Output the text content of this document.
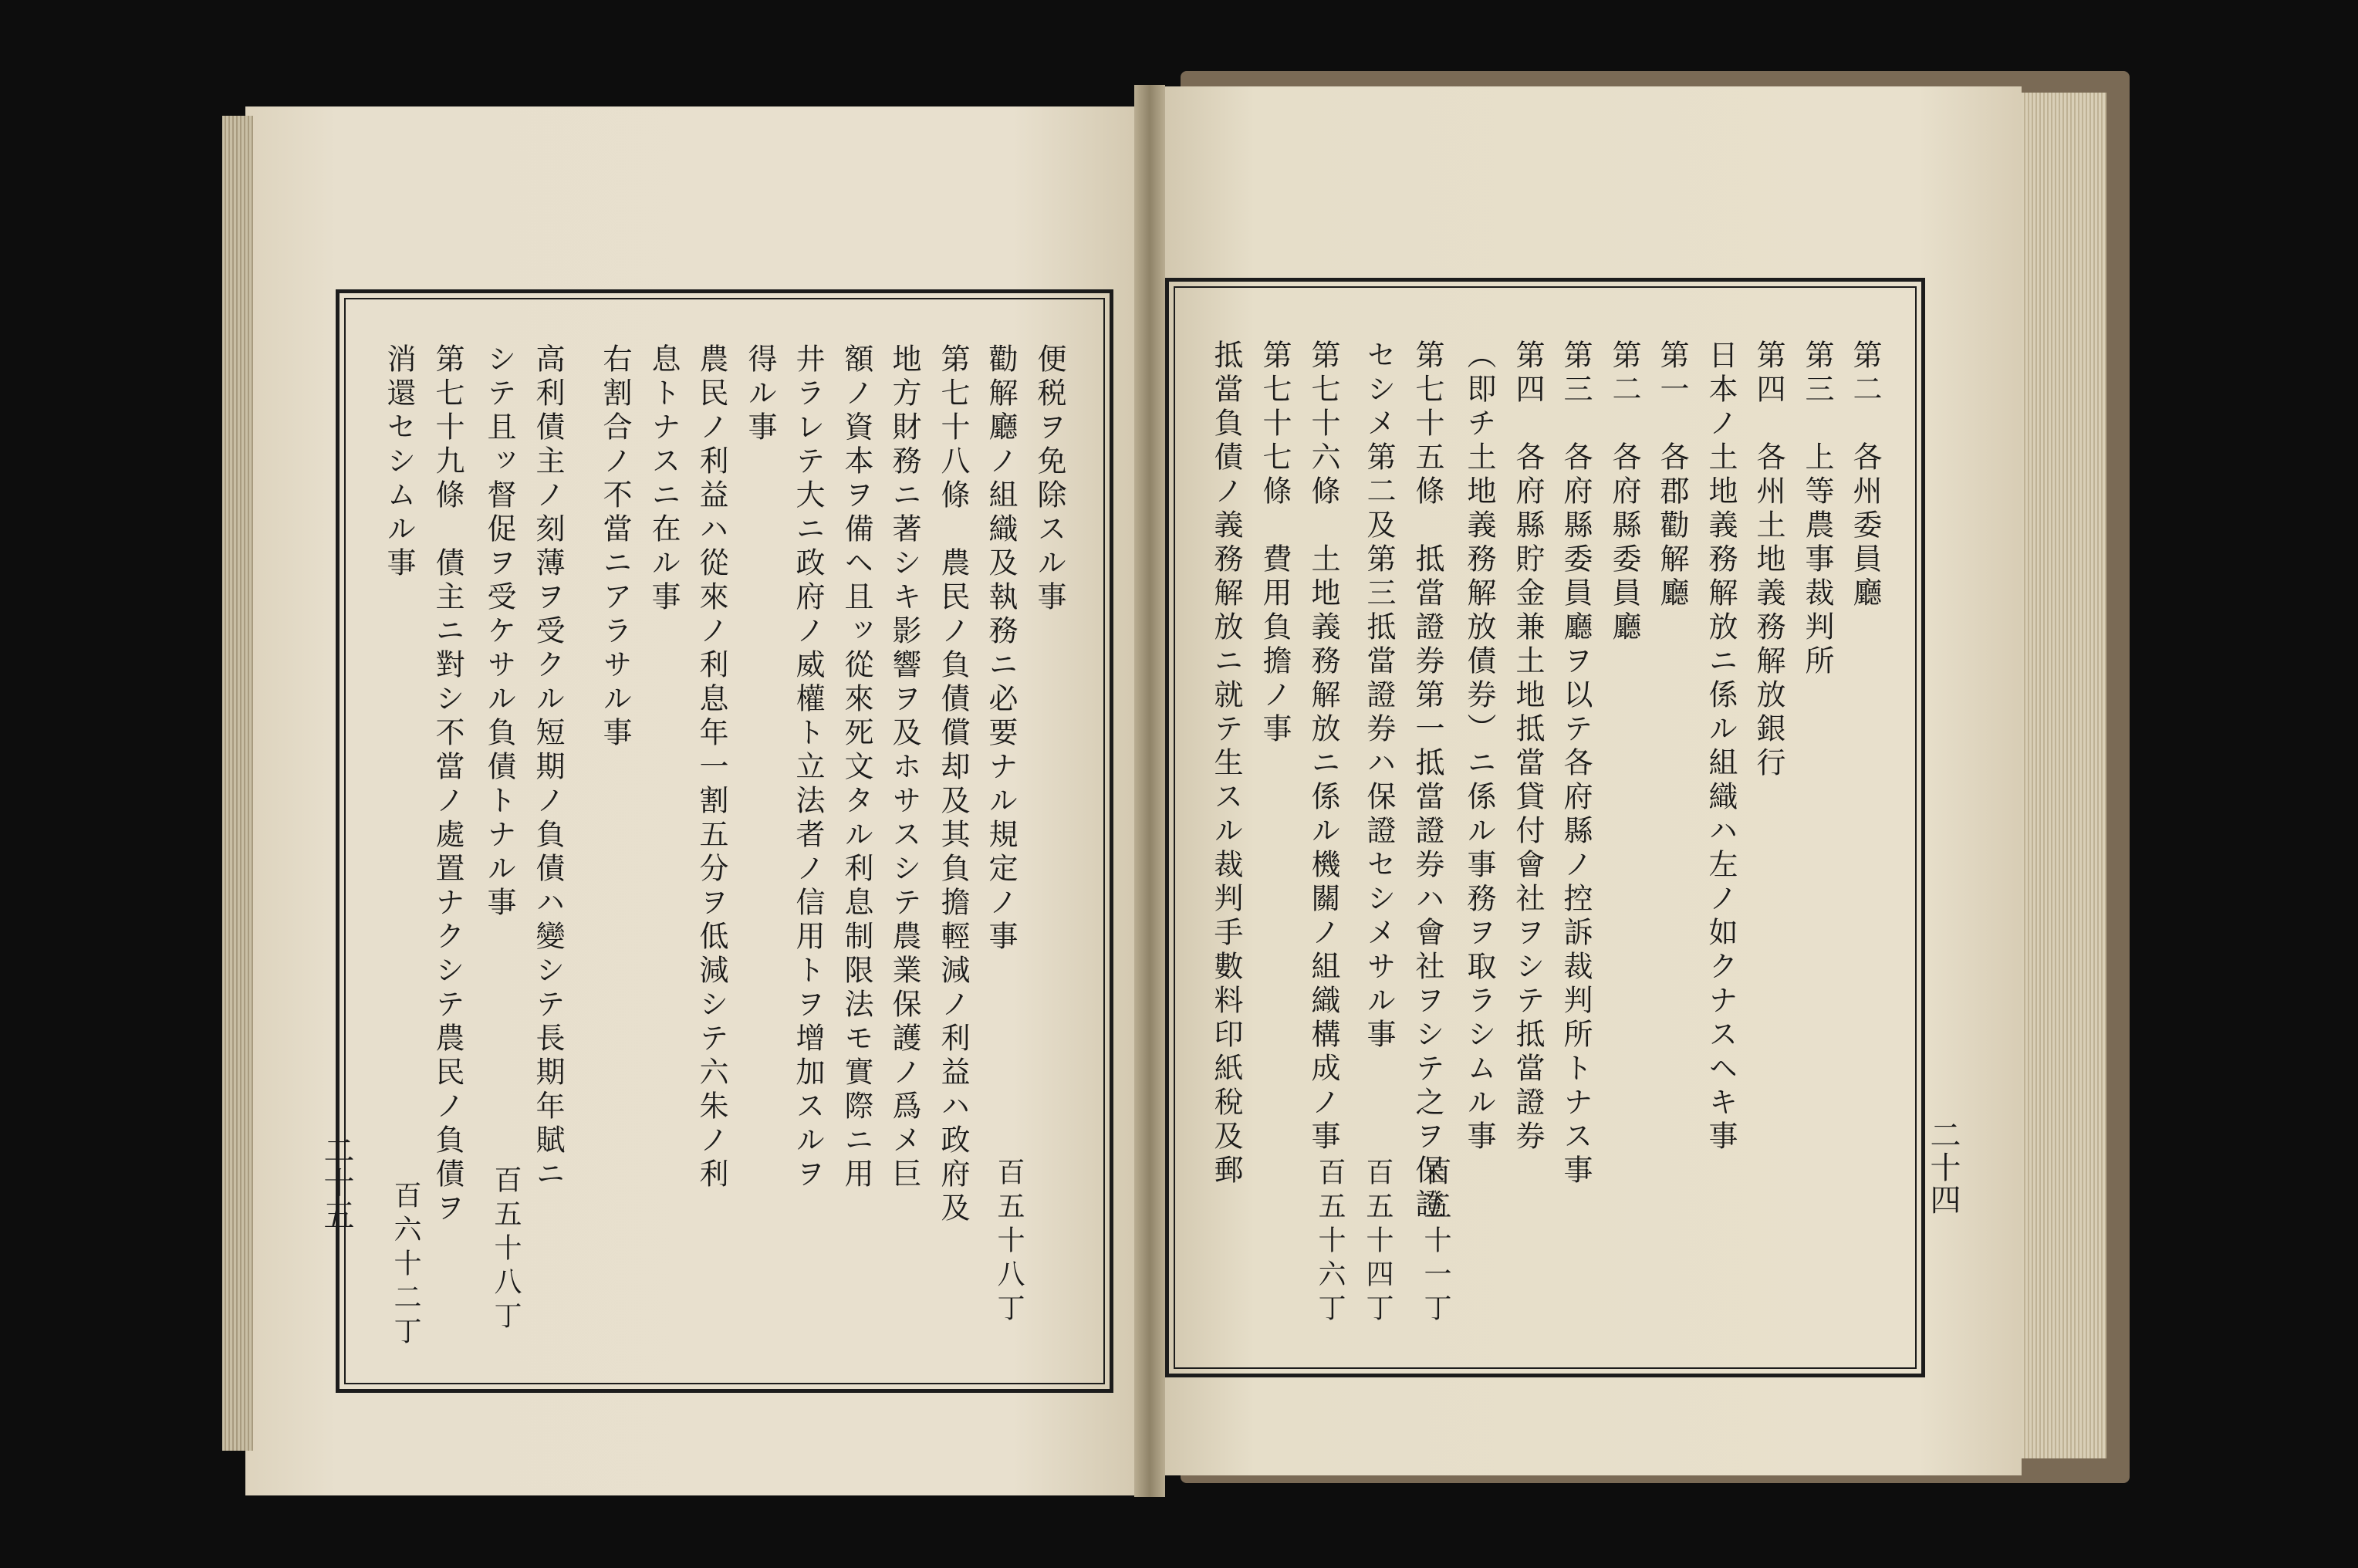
便税ヲ免除スル事
勸解廳ノ組織及執務ニ必要ナル規定ノ事
第七十八條　農民ノ負債償却及其負擔輕減ノ利益ハ政府及
地方財務ニ著シキ影響ヲ及ホサスシテ農業保護ノ爲メ巨
額ノ資本ヲ備ヘ且ッ從來死文タル利息制限法モ實際ニ用
井ラレテ大ニ政府ノ威權ト立法者ノ信用トヲ增加スルヲ
得ル事
農民ノ利益ハ從來ノ利息年一割五分ヲ低減シテ六朱ノ利
息トナスニ在ル事
右割合ノ不當ニアラサル事
高利債主ノ刻薄ヲ受クル短期ノ負債ハ變シテ長期年賦ニ
シテ且ッ督促ヲ受ケサル負債トナル事
第七十九條　債主ニ對シ不當ノ處置ナクシテ農民ノ負債ヲ
消還セシムル事
百五十八丁
百五十八丁
百六十二丁
二十五
第二　各州委員廳
第三　上等農事裁判所
第四　各州土地義務解放銀行
日本ノ土地義務解放ニ係ル組織ハ左ノ如クナスヘキ事
第一　各郡勸解廳
第二　各府縣委員廳
第三　各府縣委員廳ヲ以テ各府縣ノ控訴裁判所トナス事
第四　各府縣貯金兼土地抵當貸付會社ヲシテ抵當證券
（即チ土地義務解放債券）ニ係ル事務ヲ取ラシムル事
第七十五條　抵當證券第一抵當證券ハ會社ヲシテ之ヲ保證
セシメ第二及第三抵當證券ハ保證セシメサル事
第七十六條　土地義務解放ニ係ル機關ノ組織構成ノ事
第七十七條　費用負擔ノ事
抵當負債ノ義務解放ニ就テ生スル裁判手數料印紙稅及郵
百五十一丁
百五十四丁
百五十六丁	二十四
